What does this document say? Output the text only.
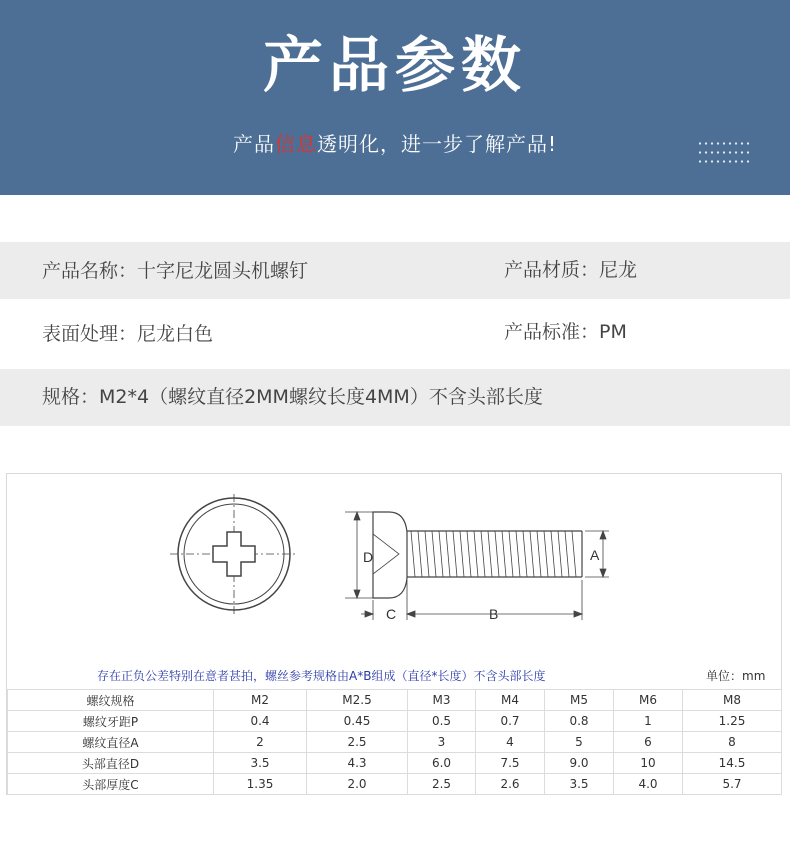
产品参数
产品信息透明化，进一步了解产品!
产品名称：十字尼龙圆头机螺钉	产品材质：尼龙
表面处理：尼龙白色	产品标准：PM
规格：M2*4（螺纹直径2MM螺纹长度4MM）不含头部长度
D	A
C	B
存在正负公差特别在意者甚拍，螺丝参考规格由A*B组成（直径*长度）不含头部长度	单位：mm
螺纹规格	M2	M2.5	M3	M4	M5	M6	M8
螺纹牙距P	0.4	0.45	0.5	0.7	0.8	1	1.25
螺纹直径A	2	2.5	3	4	5	6	8
头部直径D	3.5	4.3	6.0	7.5	9.0	10	14.5
头部厚度C	1.35	2.0	2.5	2.6	3.5	4.0	5.7
